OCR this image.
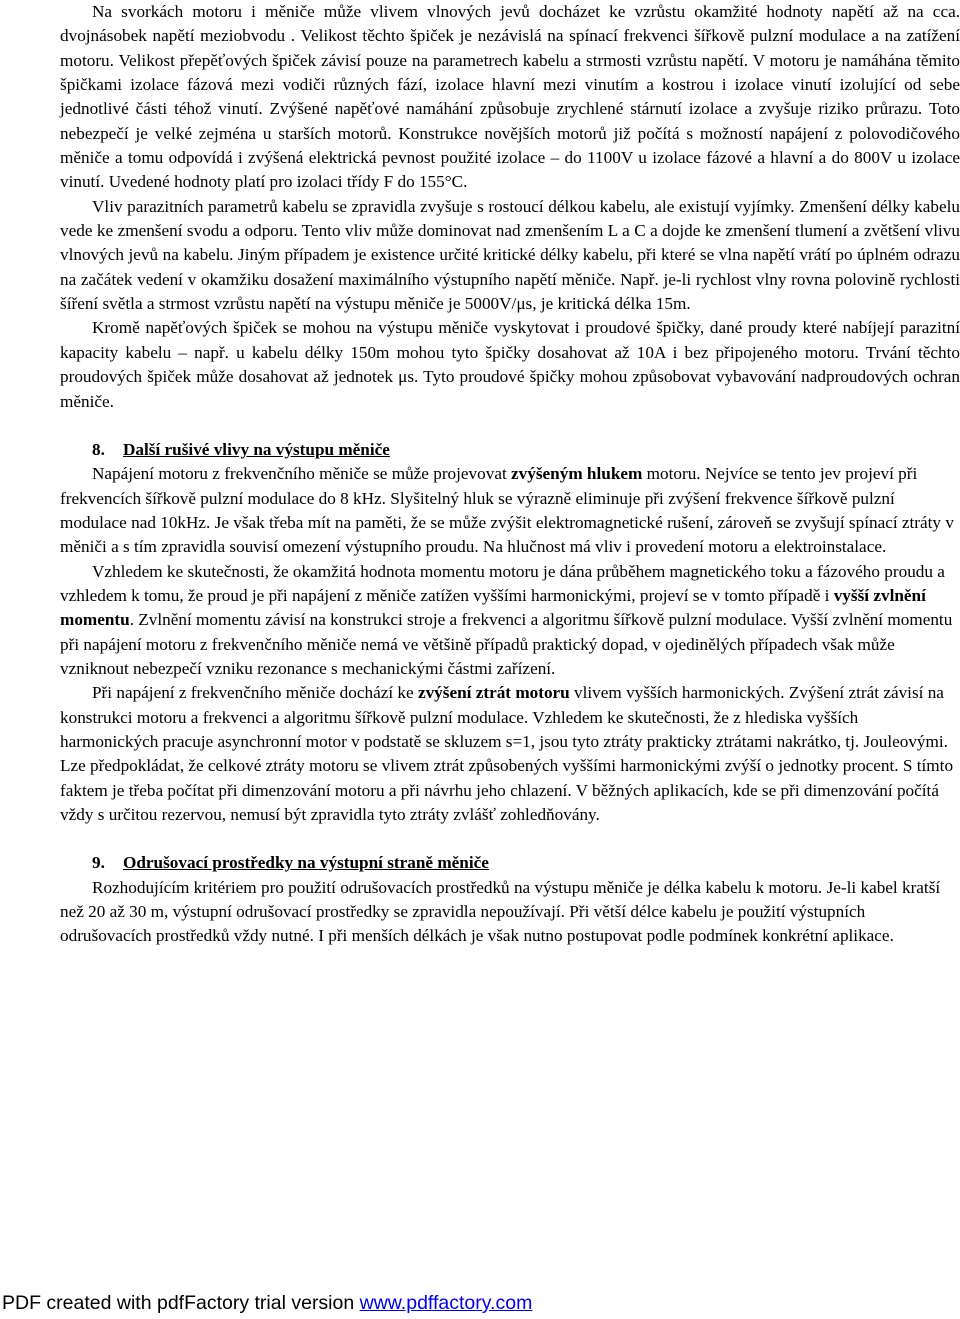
Na svorkách motoru i měniče může vlivem vlnových jevů docházet ke vzrůstu okamžité hodnoty napětí až na cca. dvojnásobek napětí meziobvodu . Velikost těchto špiček je nezávislá na spínací frekvenci šířkově pulzní modulace a na zatížení motoru. Velikost přepěťových špiček závisí pouze na parametrech kabelu a strmosti vzrůstu napětí. V motoru je namáhána těmito špičkami izolace fázová mezi vodiči různých fází, izolace hlavní mezi vinutím a kostrou i izolace vinutí izolující od sebe jednotlivé části téhož vinutí. Zvýšené napěťové namáhání způsobuje zrychlené stárnutí izolace a zvyšuje riziko průrazu. Toto nebezpečí je velké zejména u starších motorů. Konstrukce novějších motorů již počítá s možností napájení z polovodičového měniče a tomu odpovídá i zvýšená elektrická pevnost použité izolace – do 1100V u izolace fázové a hlavní a do 800V u izolace vinutí. Uvedené hodnoty platí pro izolaci třídy F do 155°C.

Vliv parazitních parametrů kabelu se zpravidla zvyšuje s rostoucí délkou kabelu, ale existují vyjímky. Zmenšení délky kabelu vede ke zmenšení svodu a odporu. Tento vliv může dominovat nad zmenšením L a C a dojde ke zmenšení tlumení a zvětšení vlivu vlnových jevů na kabelu. Jiným případem je existence určité kritické délky kabelu, při které se vlna napětí vrátí po úplném odrazu na začátek vedení v okamžiku dosažení maximálního výstupního napětí měniče. Např. je-li rychlost vlny rovna polovině rychlosti šíření světla a strmost vzrůstu napětí na výstupu měniče je 5000V/μs, je kritická délka 15m.

Kromě napěťových špiček se mohou na výstupu měniče vyskytovat i proudové špičky, dané proudy které nabíjejí parazitní kapacity kabelu – např. u kabelu délky 150m mohou tyto špičky dosahovat až 10A i bez připojeného motoru. Trvání těchto proudových špiček může dosahovat až jednotek μs. Tyto proudové špičky mohou způsobovat vybavování nadproudových ochran měniče.

8. Další rušivé vlivy na výstupu měniče

Napájení motoru z frekvenčního měniče se může projevovat zvýšeným hlukem motoru. Nejvíce se tento jev projeví při frekvencích šířkově pulzní modulace do 8 kHz. Slyšitelný hluk se výrazně eliminuje při zvýšení frekvence šířkově pulzní modulace nad 10kHz. Je však třeba mít na paměti, že se může zvýšit elektromagnetické rušení, zároveň se zvyšují spínací ztráty v měniči a s tím zpravidla souvisí omezení výstupního proudu. Na hlučnost má vliv i provedení motoru a elektroinstalace.

Vzhledem ke skutečnosti, že okamžitá hodnota momentu motoru je dána průběhem magnetického toku a fázového proudu a vzhledem k tomu, že proud je při napájení z měniče zatížen vyššími harmonickými, projeví se v tomto případě i vyšší zvlnění momentu. Zvlnění momentu závisí na konstrukci stroje a frekvenci a algoritmu šířkově pulzní modulace. Vyšší zvlnění momentu při napájení motoru z frekvenčního měniče nemá ve většině případů praktický dopad, v ojedinělých případech však může vzniknout nebezpečí vzniku rezonance s mechanickými částmi zařízení.

Při napájení z frekvenčního měniče dochází ke zvýšení ztrát motoru vlivem vyšších harmonických. Zvýšení ztrát závisí na konstrukci motoru a frekvenci a algoritmu šířkově pulzní modulace. Vzhledem ke skutečnosti, že z hlediska vyšších harmonických pracuje asynchronní motor v podstatě se skluzem s=1, jsou tyto ztráty prakticky ztrátami nakrátko, tj. Jouleovými. Lze předpokládat, že celkové ztráty motoru se vlivem ztrát způsobených vyššími harmonickými zvýší o jednotky procent. S tímto faktem je třeba počítat při dimenzování motoru a při návrhu jeho chlazení. V běžných aplikacích, kde se při dimenzování počítá vždy s určitou rezervou, nemusí být zpravidla tyto ztráty zvlášť zohledňovány.

9. Odrušovací prostředky na výstupní straně měniče

Rozhodujícím kritériem pro použití odrušovacích prostředků na výstupu měniče je délka kabelu k motoru. Je-li kabel kratší než 20 až 30 m, výstupní odrušovací prostředky se zpravidla nepoužívají. Při větší délce kabelu je použití výstupních odrušovacích prostředků vždy nutné. I při menších délkách je však nutno postupovat podle podmínek konkrétní aplikace.

PDF created with pdfFactory trial version www.pdffactory.com
